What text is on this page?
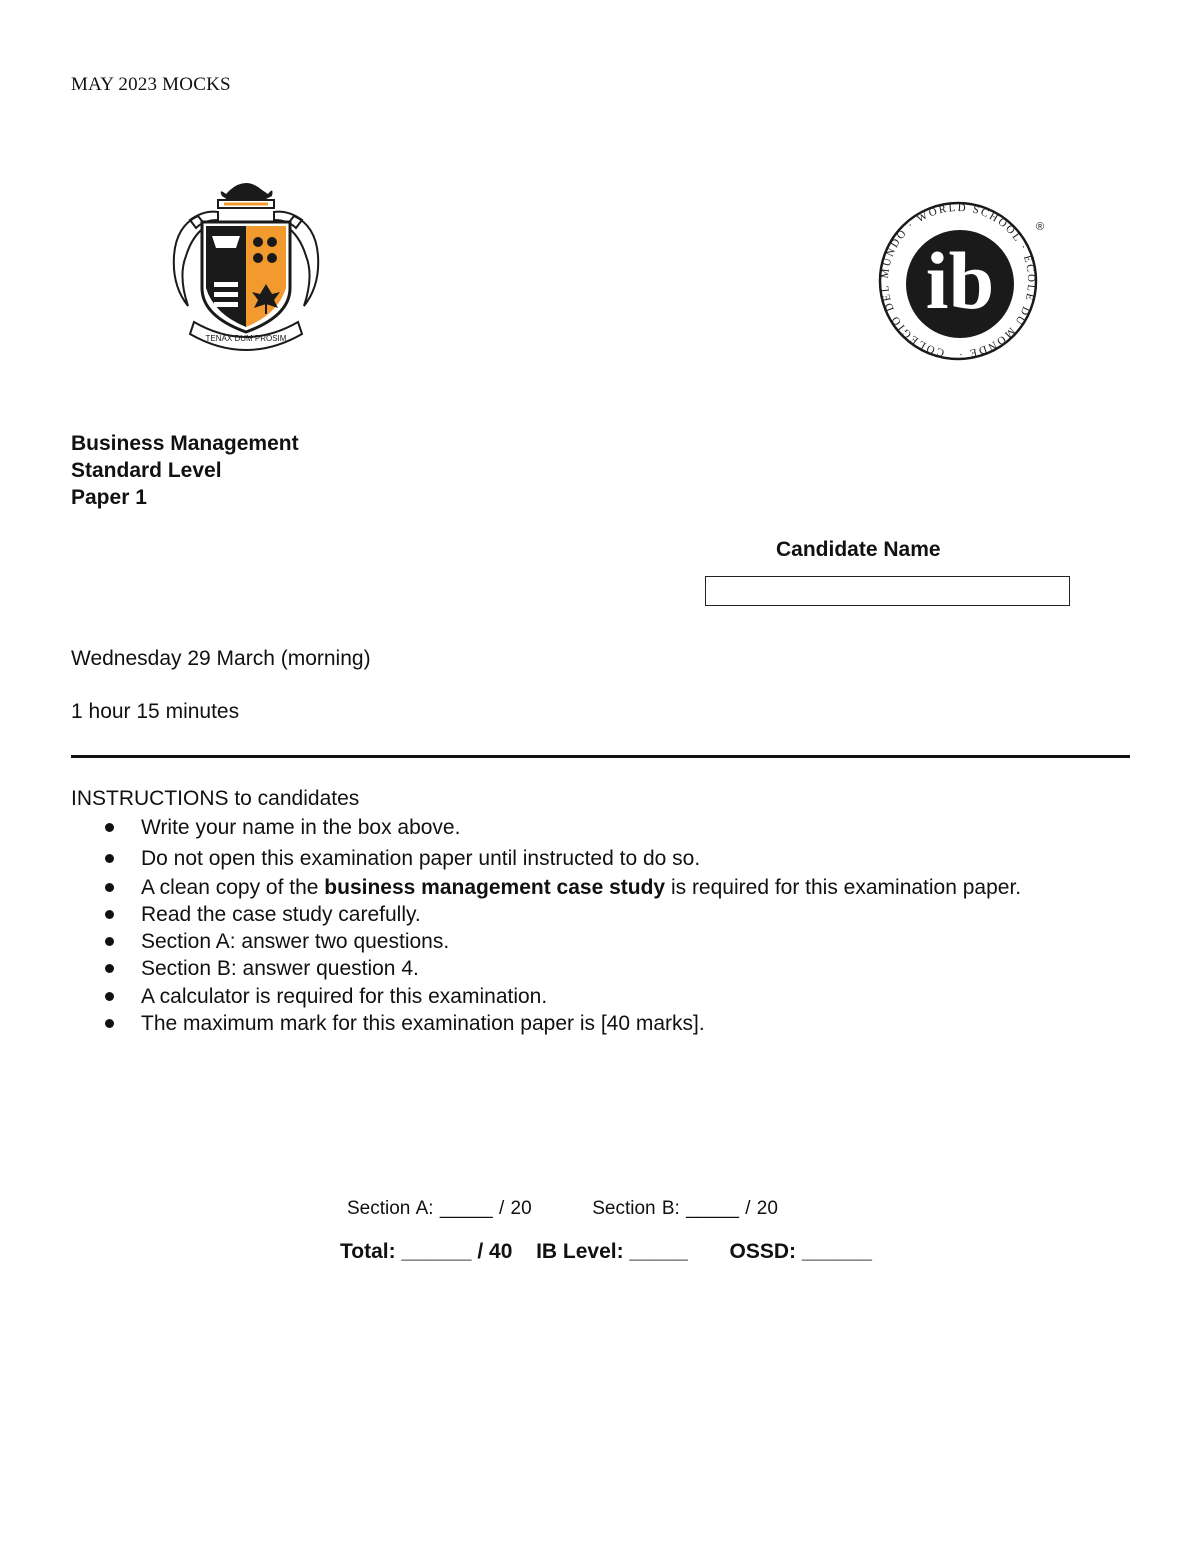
MAY 2023 MOCKS
TENAX DUM PROSIM
COLEGIO DEL MUNDO · WORLD SCHOOL · ÉCOLE DU MONDE ·
ib
®
Business Management
Standard Level
Paper 1
Candidate Name
Wednesday 29 March (morning)
1 hour 15 minutes
INSTRUCTIONS to candidates
Write your name in the box above.
Do not open this examination paper until instructed to do so.
A clean copy of the business management case study is required for this examination paper.
Read the case study carefully.
Section A: answer two questions.
Section B: answer question 4.
A calculator is required for this examination.
The maximum mark for this examination paper is [40 marks].
Section A: _____ / 20	Section B: _____ / 20
Total: ______ / 40 IB Level: _____ OSSD: ______
